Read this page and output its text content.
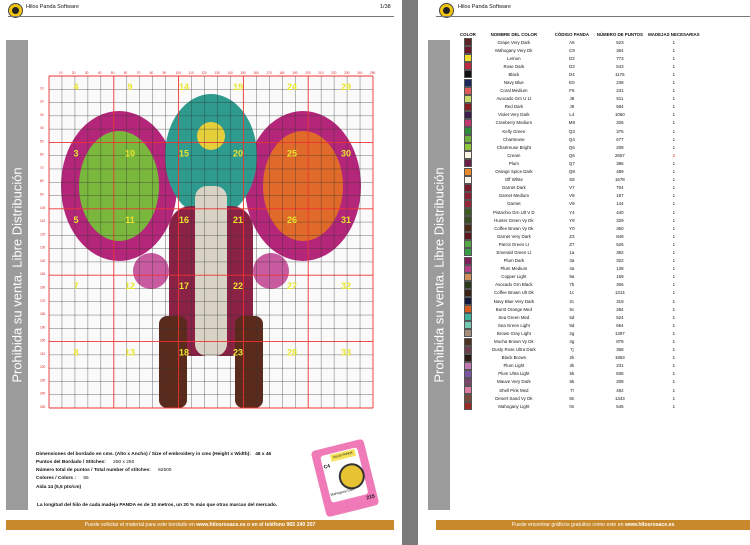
Hilos Panda Software	1/38
Prohibida su venta. Libre Distribución
10	20	30	40	50	60	70	80	90	100 110 120 130 140 150 160 170 180 190 200 210 220 230 240 250
10
20
30
40
50
60
70
80
90
100
110
120
130
140
150
160
170
180
190
200
210
220
230
240
250
4	9	14	19	24	29
3	10	15	20	25	30
5	11	16	21	26	31
7	12	17	22	27	32
8	13	18	23	28	33
Dimensiones del bordado en cms. (Alto x Ancho) / Size of embroidery in cms (Height x Width): 46 x 46
Puntos del Bordado / Stitches: 250 x 250
Número total de puntos / Total number of stitches: 62500
Colores / Colors : 55
Aida 14 (5,5 pts/cm)
HILOS PANDA
C4
Mahogany Dark
215
La longitud del hilo de cada madeja PANDA es de 10 metros, un 20 % más que otras marcas del mercado.
Puede solicitar el material para este bordado en www.hilosrosace.es o en el teléfono 965 240 207
Hilos Panda Software
Prohibida su venta. Libre Distribución
COLOR	NOMBRE DEL COLOR	CÓDIGO PANDA	NÚMERO DE PUNTOS	MADEJAS NECESARIAS
	Grape Very Dark	A5	523	1
	Mahogany Very Dk	C9	364	1
	Lemon	D2	773	1
	Rose Dark	D3	543	1
	Black	D4	1176	1
	Navy Blue	E0	238	1
	Coral Medium	F5	231	1
	Avocado Grn U Lt	J8	511	1
	Red Dark	J9	584	1
	Violet Very Dark	L4	1060	1
	Cranberry Medium	M8	326	1
	Kelly Green	Q3	375	1
	Chartreuse	Q4	677	1
	Chartreuse Bright	Q5	208	1
	Cream	Q6	2657	2
	Plum	Q7	386	1
	Orange Spice Dark	Q8	489	1
	Off White	S8	1678	1
	Garnet Dark	V7	704	1
	Garnet Medium	V8	187	1
	Garnet	V9	144	1
	Pistachio Grn Ult V D	Y4	440	1
	Hunter Green Vy Dk	Y9	329	1
	Coffee Brown Vy Dk	Y0	360	1
	Garnet Very Dark	Z3	849	1
	Parrot Green Lt	Z7	526	1
	Emerald Green Lt	1a	392	1
	Plum Dark	3a	322	1
	Plum Medium	4a	138	1
	Copper Light	9a	159	1
	Avocado Grn Black	7b	306	1
	Coffee Brown Ult Dk	1c	1314	1
	Navy Blue Very Dark	2c	319	1
	Burnt Orange Med	5c	284	1
	Sea Green Med	5d	524	1
	Sea Green Light	9d	654	1
	Brown Gray Light	2g	1397	1
	Mocha Brown Vy Dk	4g	879	1
	Dusty Rose Ultra Dark	7j	358	1
	Black Brown	2k	1953	1
	Plum Light	3k	231	1
	Plum Ultra Light	5k	836	1
	Mauve Very Dark	6k	208	1
	Shell Pink Med	7l	492	1
	Desert Sand Vy Dk	8n	1343	1
	Mahogany Light	0n	545	1
Puede encontrar gráficos gratuitos como este en www.hilosrosace.es
